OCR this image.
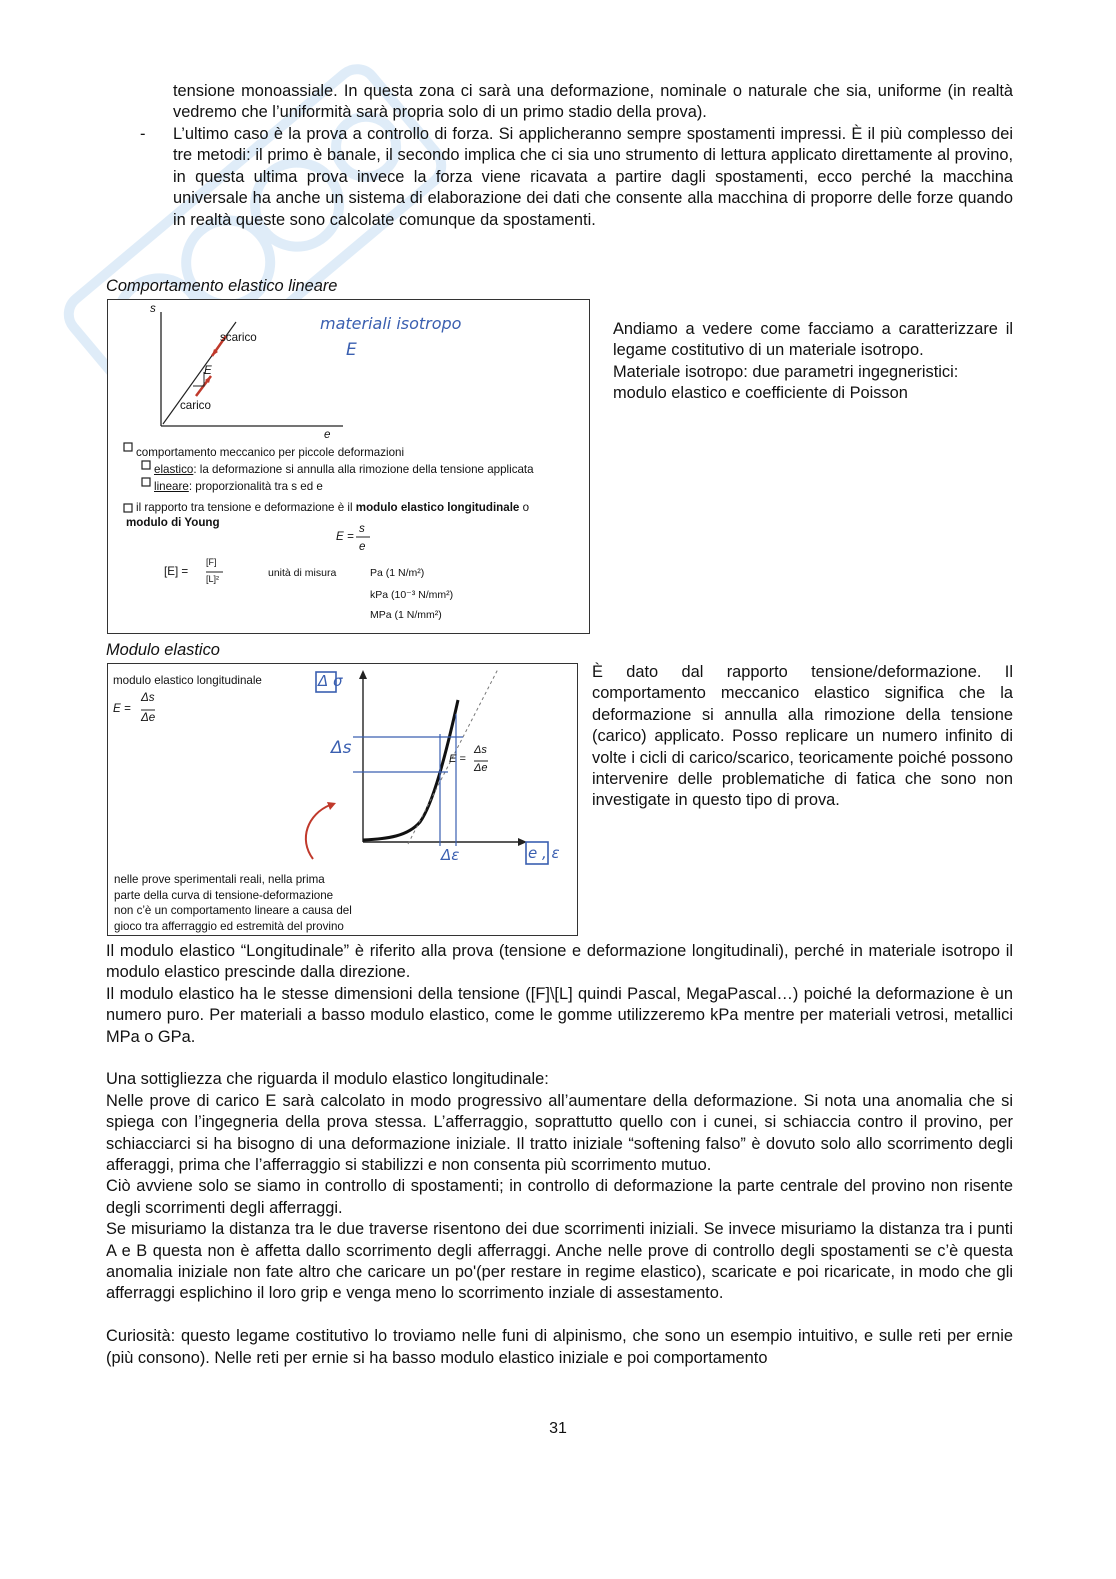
tensione monoassiale. In questa zona ci sarà una deformazione, nominale o naturale che sia, uniforme (in realtà vedremo che l’uniformità sarà propria solo di un primo stadio della prova).

- L’ultimo caso è la prova a controllo di forza. Si applicheranno sempre spostamenti impressi. È il più complesso dei tre metodi: il primo è banale, il secondo implica che ci sia uno strumento di lettura applicato direttamente al provino, in questa ultima prova invece la forza viene ricavata a partire dagli spostamenti, ecco perché la macchina universale ha anche un sistema di elaborazione dei dati che consente alla macchina di proporre delle forze quando in realtà queste sono calcolate comunque da spostamenti.

Comportamento elastico lineare
s
e
scarico
carico
E
materiali isotropo
E
comportamento meccanico per piccole deformazioni
elastico: la deformazione si annulla alla rimozione della tensione applicata
lineare: proporzionalità tra s ed e
il rapporto tra tensione e deformazione è il modulo elastico longitudinale o
modulo di Young
E =
s
e
[E] =
[F]
[L]²	unità di misura	Pa (1 N/m²)
kPa (10⁻³ N/mm²)
MPa (1 N/mm²)

Andiamo a vedere come facciamo a caratterizzare il legame costitutivo di un materiale isotropo.

Materiale isotropo: due parametri ingegneristici: modulo elastico e coefficiente di Poisson

Modulo elastico
modulo elastico longitudinale
E =
Δs
Δe
E =
Δs
Δe
Δ σ
Δs
Δε	e , ε
nelle prove sperimentali reali, nella prima
parte della curva di tensione-deformazione
non c’è un comportamento lineare a causa del
gioco tra afferraggio ed estremità del provino

È dato dal rapporto tensione/deformazione. Il comportamento meccanico elastico significa che la deformazione si annulla alla rimozione della tensione (carico) applicato. Posso replicare un numero infinito di volte i cicli di carico/scarico, teoricamente poiché possono intervenire delle problematiche di fatica che sono non investigate in questo tipo di prova.

Il modulo elastico “Longitudinale” è riferito alla prova (tensione e deformazione longitudinali), perché in materiale isotropo il modulo elastico prescinde dalla direzione.

Il modulo elastico ha le stesse dimensioni della tensione ([F]\[L] quindi Pascal, MegaPascal…) poiché la deformazione è un numero puro. Per materiali a basso modulo elastico, come le gomme utilizzeremo kPa mentre per materiali vetrosi, metallici MPa o GPa.

Una sottigliezza che riguarda il modulo elastico longitudinale:

Nelle prove di carico E sarà calcolato in modo progressivo all’aumentare della deformazione. Si nota una anomalia che si spiega con l’ingegneria della prova stessa. L’afferraggio, soprattutto quello con i cunei, si schiaccia contro il provino, per schiacciarci si ha bisogno di una deformazione iniziale. Il tratto iniziale “softening falso” è dovuto solo allo scorrimento degli afferaggi, prima che l’afferraggio si stabilizzi e non consenta più scorrimento mutuo.

Ciò avviene solo se siamo in controllo di spostamenti; in controllo di deformazione la parte centrale del provino non risente degli scorrimenti degli afferraggi.

Se misuriamo la distanza tra le due traverse risentono dei due scorrimenti iniziali. Se invece misuriamo la distanza tra i punti A e B questa non è affetta dallo scorrimento degli afferraggi. Anche nelle prove di controllo degli spostamenti se c’è questa anomalia iniziale non fate altro che caricare un po'(per restare in regime elastico), scaricate e poi ricaricate, in modo che gli afferraggi esplichino il loro grip e venga meno lo scorrimento inziale di assestamento.

Curiosità: questo legame costitutivo lo troviamo nelle funi di alpinismo, che sono un esempio intuitivo, e sulle reti per ernie (più consono). Nelle reti per ernie si ha basso modulo elastico iniziale e poi comportamento

31
